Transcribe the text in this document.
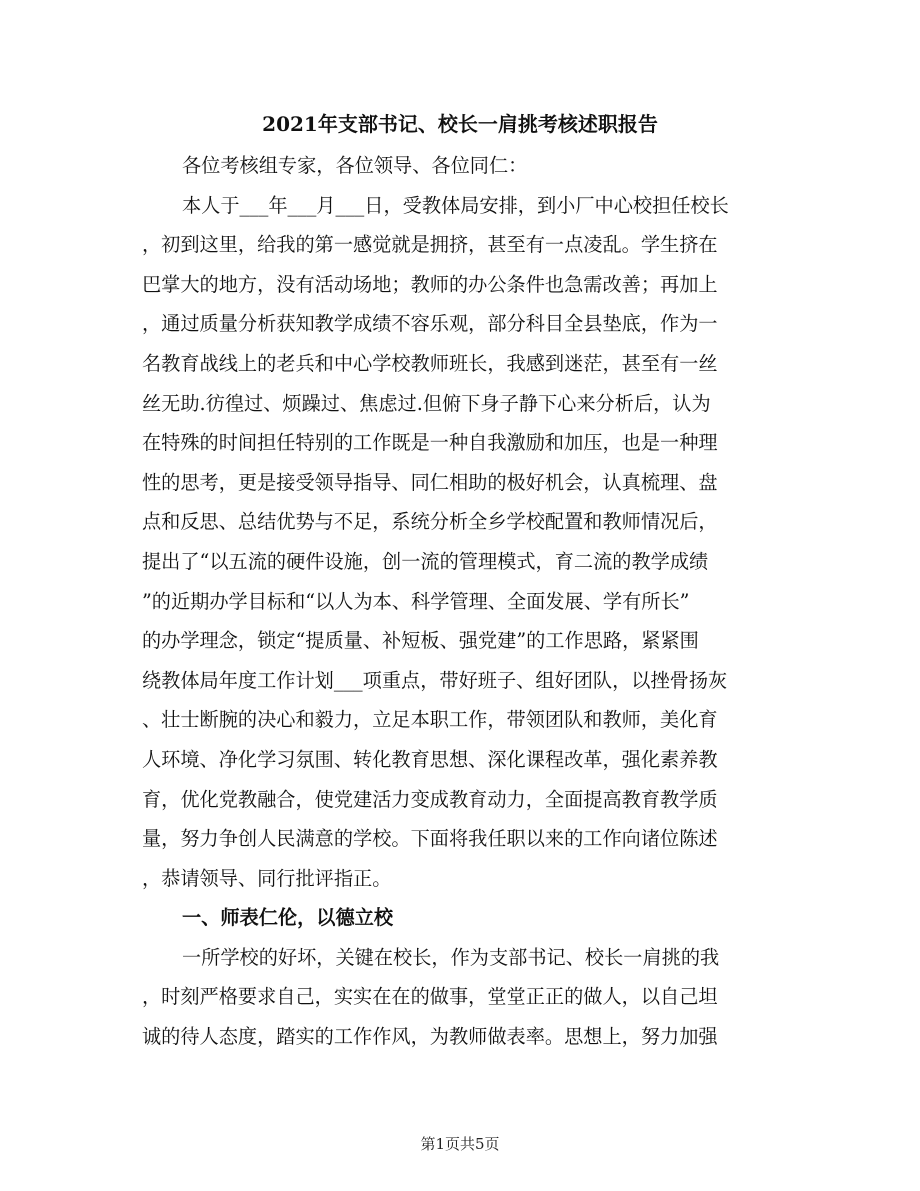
2021年支部书记、校长一肩挑考核述职报告
各位考核组专家，各位领导、各位同仁：
本人于___年___月___日，受教体局安排，到小厂中心校担任校长
，初到这里，给我的第一感觉就是拥挤，甚至有一点凌乱。学生挤在
巴掌大的地方，没有活动场地；教师的办公条件也急需改善；再加上
，通过质量分析获知教学成绩不容乐观，部分科目全县垫底，作为一
名教育战线上的老兵和中心学校教师班长，我感到迷茫，甚至有一丝
丝无助.彷徨过、烦躁过、焦虑过.但俯下身子静下心来分析后，认为
在特殊的时间担任特别的工作既是一种自我激励和加压，也是一种理
性的思考，更是接受领导指导、同仁相助的极好机会，认真梳理、盘
点和反思、总结优势与不足，系统分析全乡学校配置和教师情况后，
提出了“以五流的硬件设施，创一流的管理模式，育二流的教学成绩
”的近期办学目标和“以人为本、科学管理、全面发展、学有所长”
的办学理念，锁定“提质量、补短板、强党建”的工作思路，紧紧围
绕教体局年度工作计划___项重点，带好班子、组好团队，以挫骨扬灰
、壮士断腕的决心和毅力，立足本职工作，带领团队和教师，美化育
人环境、净化学习氛围、转化教育思想、深化课程改革，强化素养教
育，优化党教融合，使党建活力变成教育动力，全面提高教育教学质
量，努力争创人民满意的学校。下面将我任职以来的工作向诸位陈述
，恭请领导、同行批评指正。
一、师表仁伦，以德立校
一所学校的好坏，关键在校长，作为支部书记、校长一肩挑的我
，时刻严格要求自己，实实在在的做事，堂堂正正的做人，以自己坦
诚的待人态度，踏实的工作作风，为教师做表率。思想上，努力加强
第1页共5页
